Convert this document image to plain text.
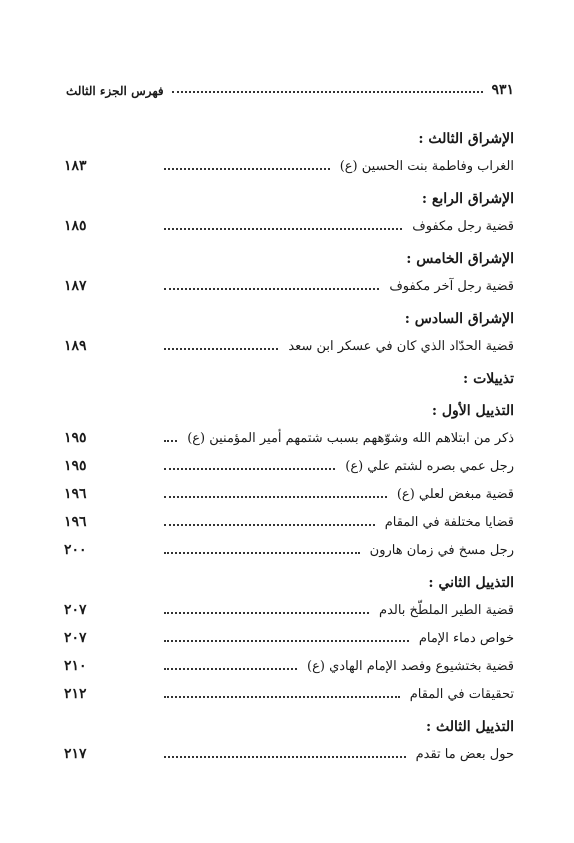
فهرس الجزء الثالث	٩٣١
الإشراق الثالث :
الغراب وفاطمة بنت الحسين (ع)
١٨٣
الإشراق الرابع :
قضية رجل مكفوف
١٨٥
الإشراق الخامس :
قضية رجل آخر مكفوف
١٨٧
الإشراق السادس :
قضية الحدّاد الذي كان في عسكر ابن سعد
١٨٩
تذييلات :
التذييل الأول :
ذكر من ابتلاهم الله وشوّههم بسبب شتمهم أمير المؤمنين (ع)
١٩٥
رجل عمي بصره لشتم علي (ع)
١٩٥
قضية مبغض لعلي (ع)
١٩٦
قضايا مختلفة في المقام
١٩٦
رجل مسخ في زمان هارون
٢٠٠
التذييل الثاني :
قضية الطير الملطّخ بالدم
٢٠٧
خواص دماء الإمام
٢٠٧
قضية بختشيوع وفصد الإمام الهادي (ع)
٢١٠
تحقيقات في المقام
٢١٢
التذييل الثالث :
حول بعض ما تقدم
٢١٧
